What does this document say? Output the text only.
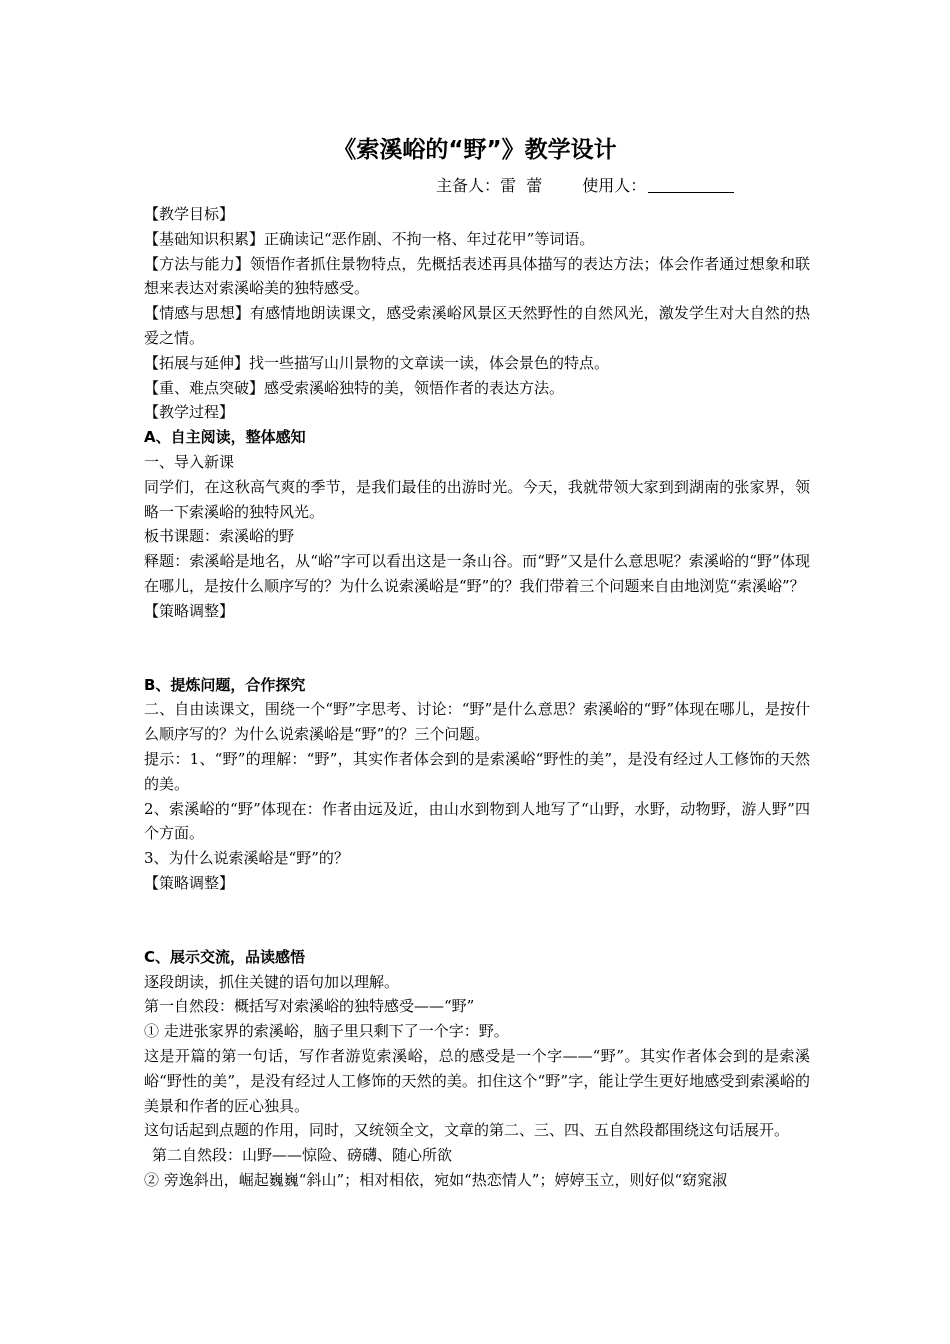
《索溪峪的“野”》教学设计
主备人：雷  蕾	使用人：

【教学目标】

【基础知识积累】正确读记“恶作剧、不拘一格、年过花甲”等词语。

【方法与能力】领悟作者抓住景物特点，先概括表述再具体描写的表达方法；体会作者通过想象和联想来表达对索溪峪美的独特感受。

【情感与思想】有感情地朗读课文，感受索溪峪风景区天然野性的自然风光，激发学生对大自然的热爱之情。

【拓展与延伸】找一些描写山川景物的文章读一读，体会景色的特点。

【重、难点突破】感受索溪峪独特的美，领悟作者的表达方法。

【教学过程】

A、自主阅读，整体感知

一、导入新课

同学们，在这秋高气爽的季节，是我们最佳的出游时光。今天，我就带领大家到到湖南的张家界，领略一下索溪峪的独特风光。

板书课题：索溪峪的野

释题：索溪峪是地名，从“峪”字可以看出这是一条山谷。而“野”又是什么意思呢？索溪峪的“野”体现在哪儿，是按什么顺序写的？为什么说索溪峪是“野”的？我们带着三个问题来自由地浏览“索溪峪”？

【策略调整】

B、提炼问题，合作探究

二、自由读课文，围绕一个“野”字思考、讨论：“野”是什么意思？索溪峪的“野”体现在哪儿，是按什么顺序写的？为什么说索溪峪是“野”的？三个问题。

提示：1、“野”的理解：“野”，其实作者体会到的是索溪峪“野性的美”，是没有经过人工修饰的天然的美。

2、索溪峪的“野”体现在：作者由远及近，由山水到物到人地写了“山野，水野，动物野，游人野”四个方面。

3、为什么说索溪峪是“野”的？

【策略调整】

C、展示交流，品读感悟

逐段朗读，抓住关键的语句加以理解。

第一自然段：概括写对索溪峪的独特感受——“野”

① 走进张家界的索溪峪，脑子里只剩下了一个字：野。

这是开篇的第一句话，写作者游览索溪峪，总的感受是一个字——“野”。其实作者体会到的是索溪峪“野性的美”，是没有经过人工修饰的天然的美。扣住这个“野”字，能让学生更好地感受到索溪峪的美景和作者的匠心独具。

这句话起到点题的作用，同时，又统领全文，文章的第二、三、四、五自然段都围绕这句话展开。

第二自然段：山野——惊险、磅礴、随心所欲

② 旁逸斜出，崛起巍巍“斜山”；相对相依，宛如“热恋情人”；婷婷玉立，则好似“窈窕淑
